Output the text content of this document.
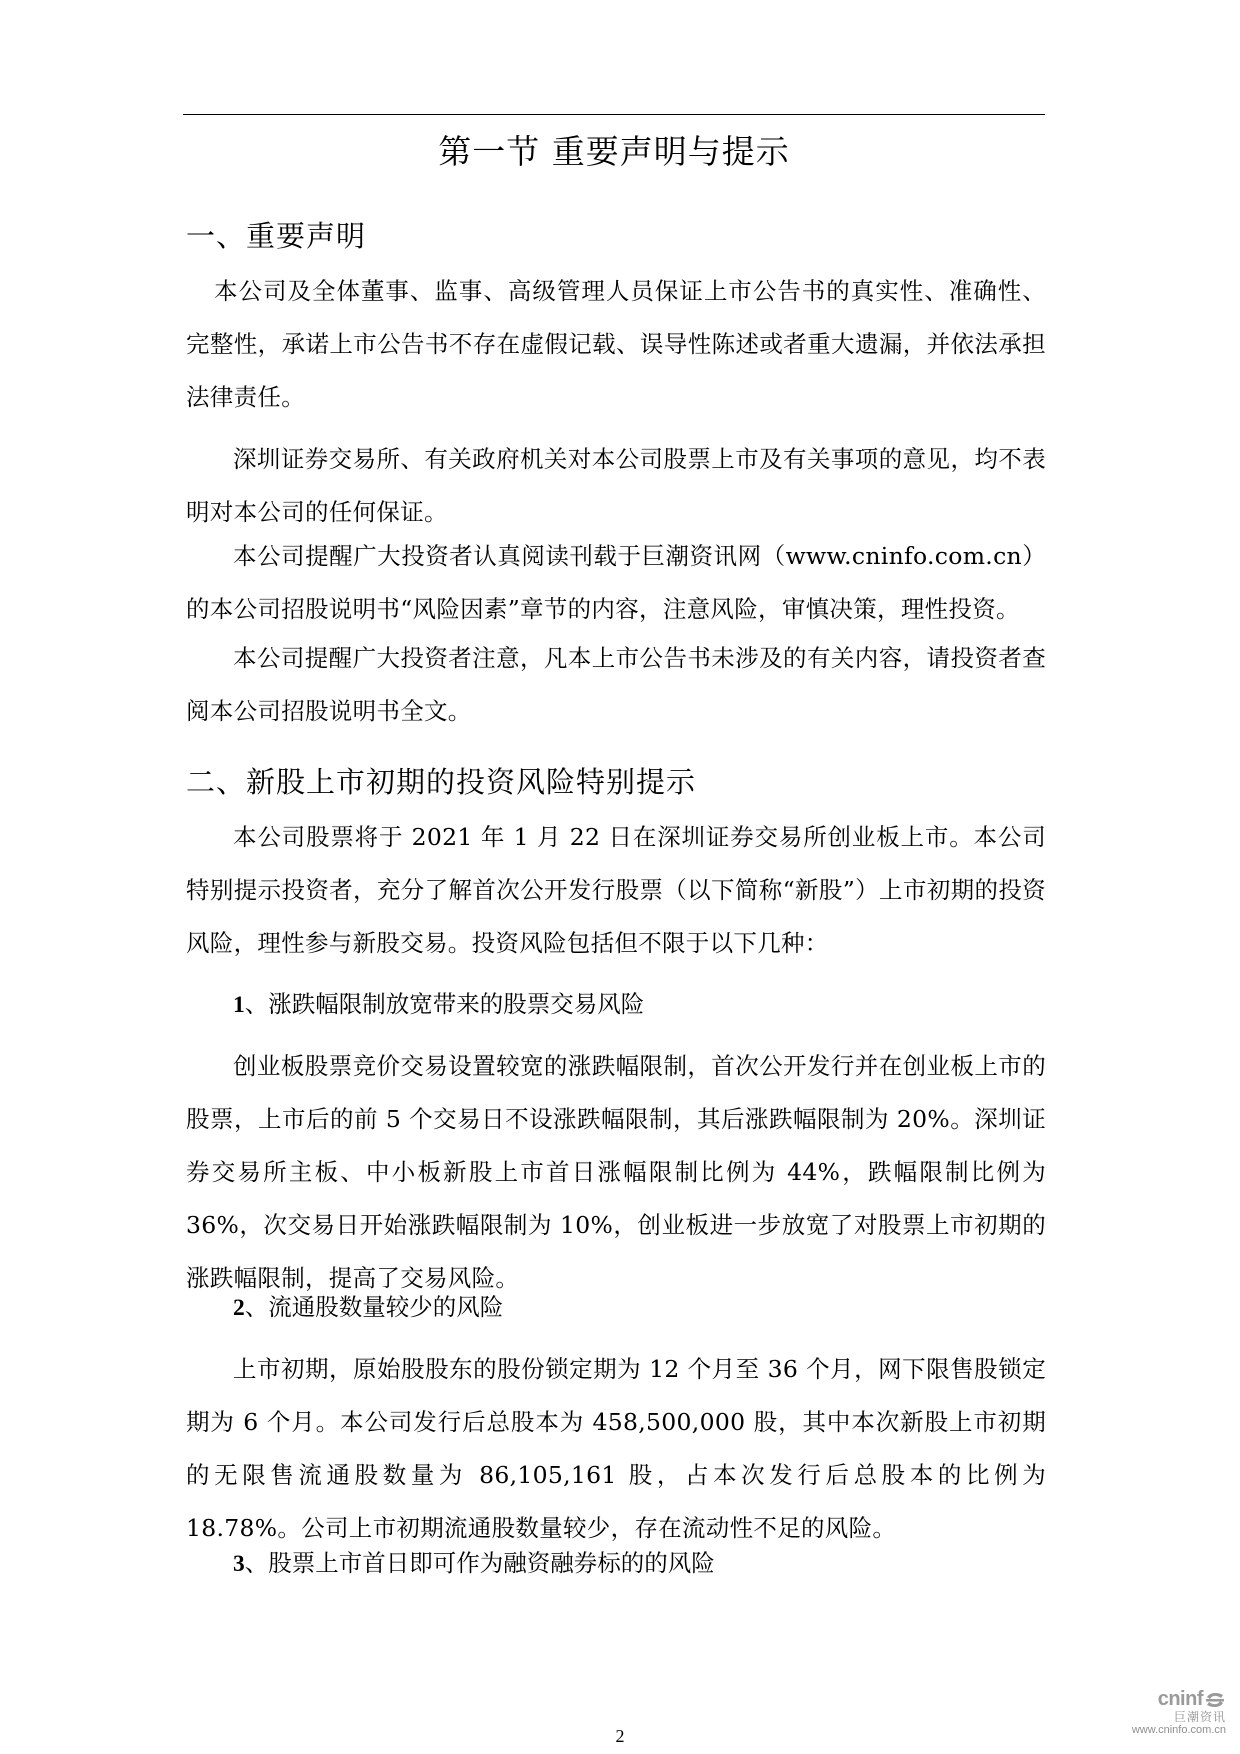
第一节 重要声明与提示
一、重要声明
本公司及全体董事、监事、高级管理人员保证上市公告书的真实性、准确性、完整性，承诺上市公告书不存在虚假记载、误导性陈述或者重大遗漏，并依法承担法律责任。
深圳证券交易所、有关政府机关对本公司股票上市及有关事项的意见，均不表明对本公司的任何保证。
本公司提醒广大投资者认真阅读刊载于巨潮资讯网（www.cninfo.com.cn）的本公司招股说明书“风险因素”章节的内容，注意风险，审慎决策，理性投资。
本公司提醒广大投资者注意，凡本上市公告书未涉及的有关内容，请投资者查阅本公司招股说明书全文。
二、新股上市初期的投资风险特别提示
本公司股票将于 2021 年 1 月 22 日在深圳证券交易所创业板上市。本公司特别提示投资者，充分了解首次公开发行股票（以下简称“新股”）上市初期的投资风险，理性参与新股交易。投资风险包括但不限于以下几种：
1、涨跌幅限制放宽带来的股票交易风险
创业板股票竞价交易设置较宽的涨跌幅限制，首次公开发行并在创业板上市的股票，上市后的前 5 个交易日不设涨跌幅限制，其后涨跌幅限制为 20%。深圳证券交易所主板、中小板新股上市首日涨幅限制比例为 44%，跌幅限制比例为 36%，次交易日开始涨跌幅限制为 10%，创业板进一步放宽了对股票上市初期的涨跌幅限制，提高了交易风险。
2、流通股数量较少的风险
上市初期，原始股股东的股份锁定期为 12 个月至 36 个月，网下限售股锁定期为 6 个月。本公司发行后总股本为 458,500,000 股，其中本次新股上市初期的无限售流通股数量为 86,105,161 股，占本次发行后总股本的比例为18.78%。公司上市初期流通股数量较少，存在流动性不足的风险。
3、股票上市首日即可作为融资融券标的的风险
2
cninf
巨潮资讯
www.cninfo.com.cn
